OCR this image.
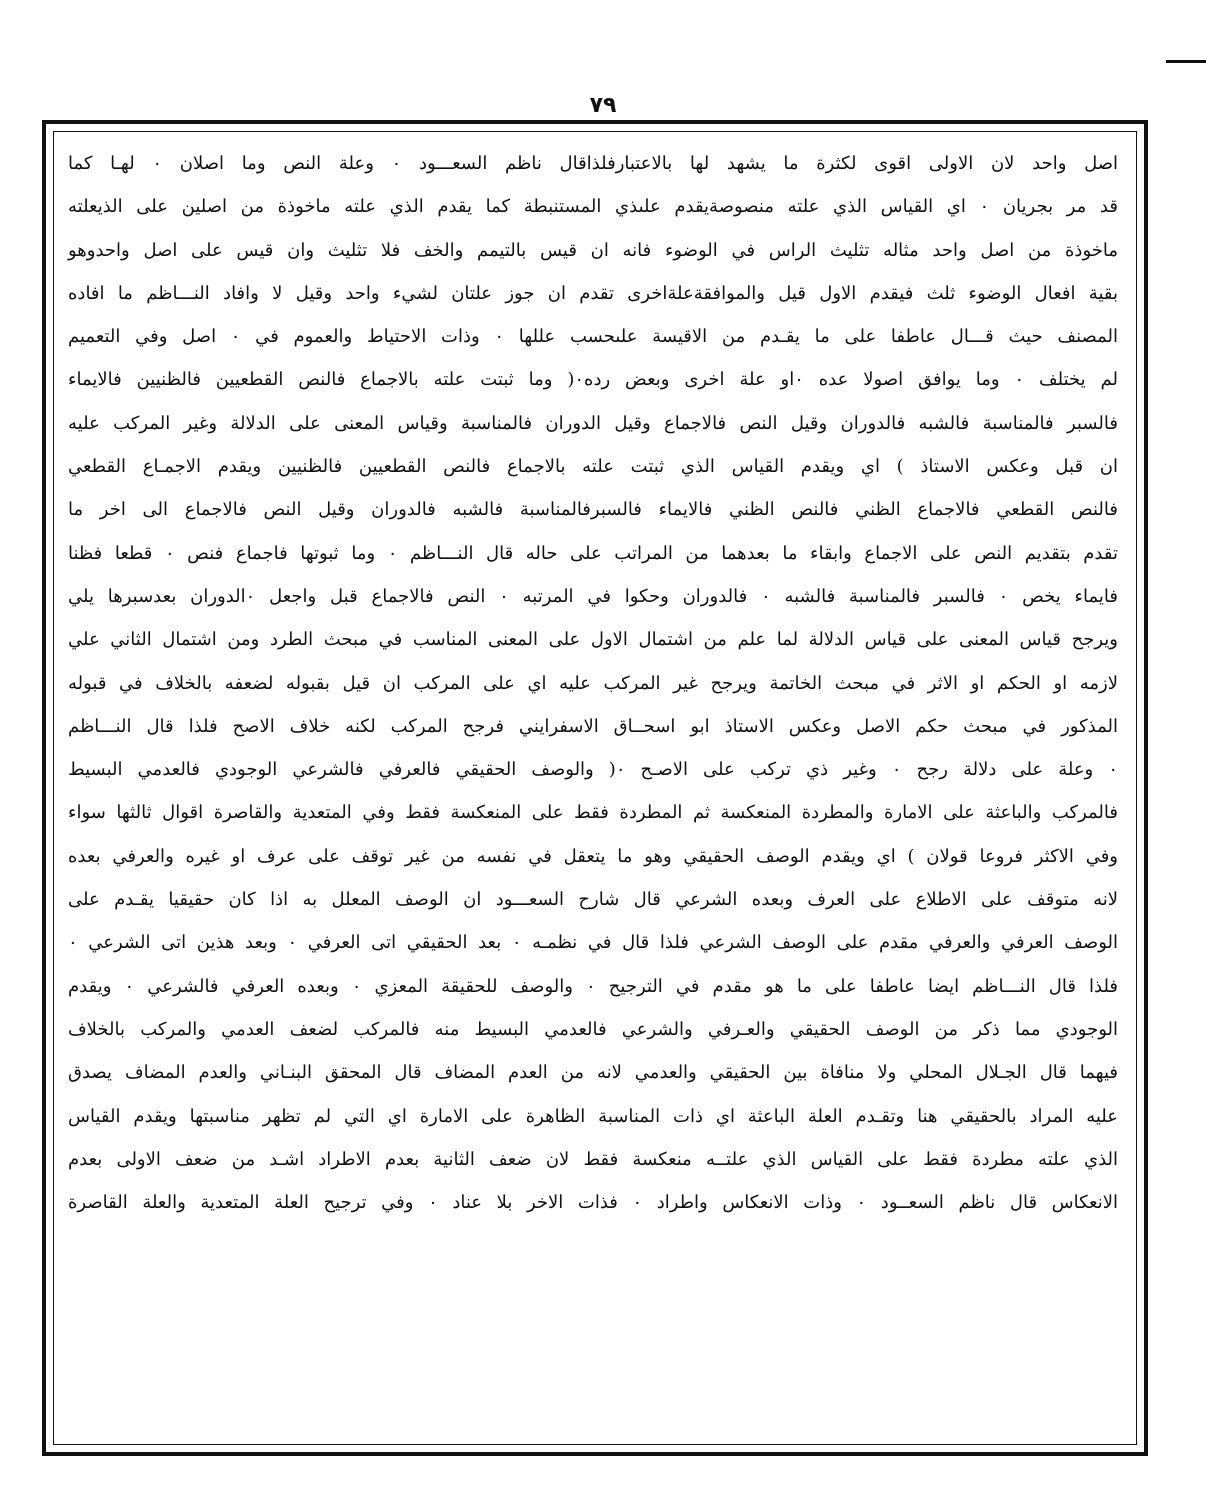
٧٩
اصل واحد لان الاولى اقوى لكثرة ما يشهد لها بالاعتبارفلذاقال ناظم السعـــود ٠ وعلة النص وما اصلان ٠ لهـا كما
قد مر بجريان ٠ اي القياس الذي علته منصوصةيقدم علىذي المستنبطة كما يقدم الذي علته ماخوذة من اصلين على الذيعلته
ماخوذة من اصل واحد مثاله تثليث الراس في الوضوء فانه ان قيس بالتيمم والخف فلا تثليث وان قيس على اصل واحدوهو
بقية افعال الوضوء ثلث فيقدم الاول قيل والموافقةعلةاخرى تقدم ان جوز علتان لشيء واحد وقيل لا وافاد النـــاظم ما افاده
المصنف حيث قـــال عاطفا على ما يقـدم من الاقيسة علىحسب عللها ٠ وذات الاحتياط والعموم في ٠ اصل وفي التعميم
لم يختلف ٠ وما يوافق اصولا عده ٠او علة اخرى وبعض رده٠( وما ثبتت علته بالاجماع فالنص القطعيين فالظنيين فالايماء
فالسبر فالمناسبة فالشبه فالدوران وقيل النص فالاجماع وقيل الدوران فالمناسبة وقياس المعنى على الدلالة وغير المركب عليه
ان قبل وعكس الاستاذ ) اي ويقدم القياس الذي ثبتت علته بالاجماع فالنص القطعيين فالظنيين ويقدم الاجمـاع القطعي
فالنص القطعي فالاجماع الظني فالنص الظني فالايماء فالسبرفالمناسبة فالشبه فالدوران وقيل النص فالاجماع الى اخر ما
تقدم بتقديم النص على الاجماع وابقاء ما بعدهما من المراتب على حاله قال النـــاظم ٠ وما ثبوتها فاجماع فنص ٠ قطعا فظنا
فايماء يخص ٠ فالسبر فالمناسبة فالشبه ٠ فالدوران وحكوا في المرتبه ٠ النص فالاجماع قبل واجعل ٠الدوران بعدسبرها يلي
ويرجح قياس المعنى على قياس الدلالة لما علم من اشتمال الاول على المعنى المناسب في مبحث الطرد ومن اشتمال الثاني علي
لازمه او الحكم او الاثر في مبحث الخاتمة ويرجح غير المركب عليه اي على المركب ان قيل بقبوله لضعفه بالخلاف في قبوله
المذكور في مبحث حكم الاصل وعكس الاستاذ ابو اسحــاق الاسفرايني فرجح المركب لكنه خلاف الاصح فلذا قال النـــاظم
٠ وعلة على دلالة رجح ٠ وغير ذي تركب على الاصـح ٠( والوصف الحقيقي فالعرفي فالشرعي الوجودي فالعدمي البسيط
فالمركب والباعثة على الامارة والمطردة المنعكسة ثم المطردة فقط على المنعكسة فقط وفي المتعدية والقاصرة اقوال ثالثها سواء
وفي الاكثر فروعا قولان ) اي ويقدم الوصف الحقيقي وهو ما يتعقل في نفسه من غير توقف على عرف او غيره والعرفي بعده
لانه متوقف على الاطلاع على العرف وبعده الشرعي قال شارح السعـــود ان الوصف المعلل به اذا كان حقيقيا يقـدم على
الوصف العرفي والعرفي مقدم على الوصف الشرعي فلذا قال في نظمـه ٠ بعد الحقيقي اتى العرفي ٠ وبعد هذين اتى الشرعي ٠
فلذا قال النـــاظم ايضا عاطفا على ما هو مقدم في الترجيح ٠ والوصف للحقيقة المعزي ٠ وبعده العرفي فالشرعي ٠ ويقدم
الوجودي مما ذكر من الوصف الحقيقي والعـرفي والشرعي فالعدمي البسيط منه فالمركب لضعف العدمي والمركب بالخلاف
فيهما قال الجـلال المحلي ولا منافاة بين الحقيقي والعدمي لانه من العدم المضاف قال المحقق البنـاني والعدم المضاف يصدق
عليه المراد بالحقيقي هنا وتقـدم العلة الباعثة اي ذات المناسبة الظاهرة على الامارة اي التي لم تظهر مناسبتها ويقدم القياس
الذي علته مطردة فقط على القياس الذي علتــه منعكسة فقط لان ضعف الثانية بعدم الاطراد اشـد من ضعف الاولى بعدم
الانعكاس قال ناظم السعــود ٠ وذات الانعكاس واطراد ٠ فذات الاخر بلا عناد ٠ وفي ترجيح العلة المتعدية والعلة القاصرة
